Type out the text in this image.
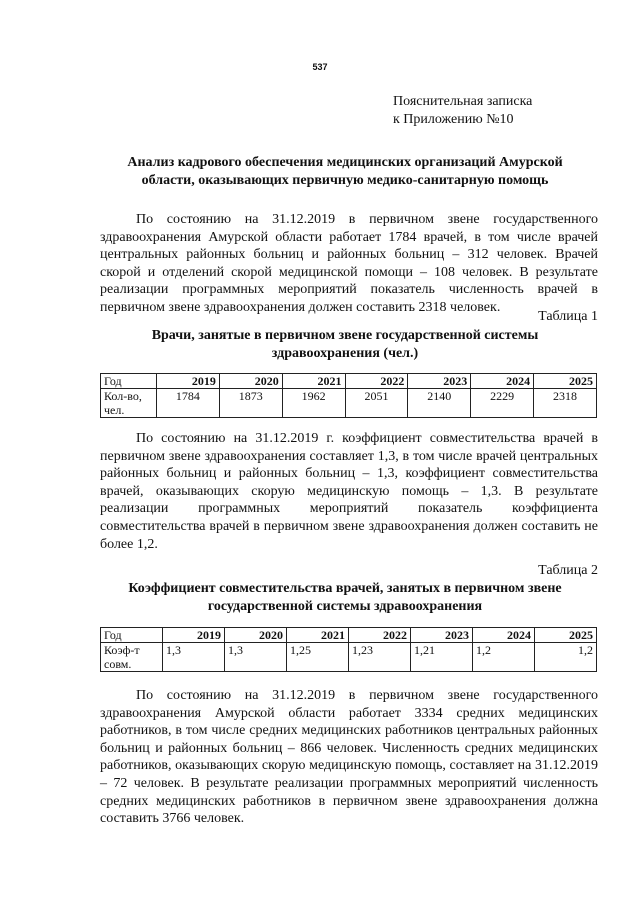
537
Пояснительная записка
к Приложению №10
Анализ кадрового обеспечения медицинских организаций Амурской
области, оказывающих первичную медико-санитарную помощь

По состоянию на 31.12.2019 в первичном звене государственного здравоохранения Амурской области работает 1784 врачей, в том числе врачей центральных районных больниц и районных больниц – 312 человек. Врачей скорой и отделений скорой медицинской помощи – 108 человек. В результате реализации программных мероприятий показатель численность врачей в первичном звене здравоохранения должен составить 2318 человек.

Таблица 1
Врачи, занятые в первичном звене государственной системы
здравоохранения (чел.)
Год	2019	2020	2021	2022	2023	2024	2025
Кол-во, чел.	1784	1873	1962	2051	2140	2229	2318

По состоянию на 31.12.2019 г. коэффициент совместительства врачей в первичном звене здравоохранения составляет 1,3, в том числе врачей центральных районных больниц и районных больниц – 1,3, коэффициент совместительства врачей, оказывающих скорую медицинскую помощь – 1,3. В результате реализации программных мероприятий показатель коэффициента совместительства врачей в первичном звене здравоохранения должен составить не более 1,2.

Таблица 2
Коэффициент совместительства врачей, занятых в первичном звене
государственной системы здравоохранения
Год	2019	2020	2021	2022	2023	2024	2025
Коэф-т совм.	1,3	1,3	1,25	1,23	1,21	1,2	1,2

По состоянию на 31.12.2019 в первичном звене государственного здравоохранения Амурской области работает 3334 средних медицинских работников, в том числе средних медицинских работников центральных районных больниц и районных больниц – 866 человек. Численность средних медицинских работников, оказывающих скорую медицинскую помощь, составляет на 31.12.2019 – 72 человек. В результате реализации программных мероприятий численность средних медицинских работников в первичном звене здравоохранения должна составить 3766 человек.
